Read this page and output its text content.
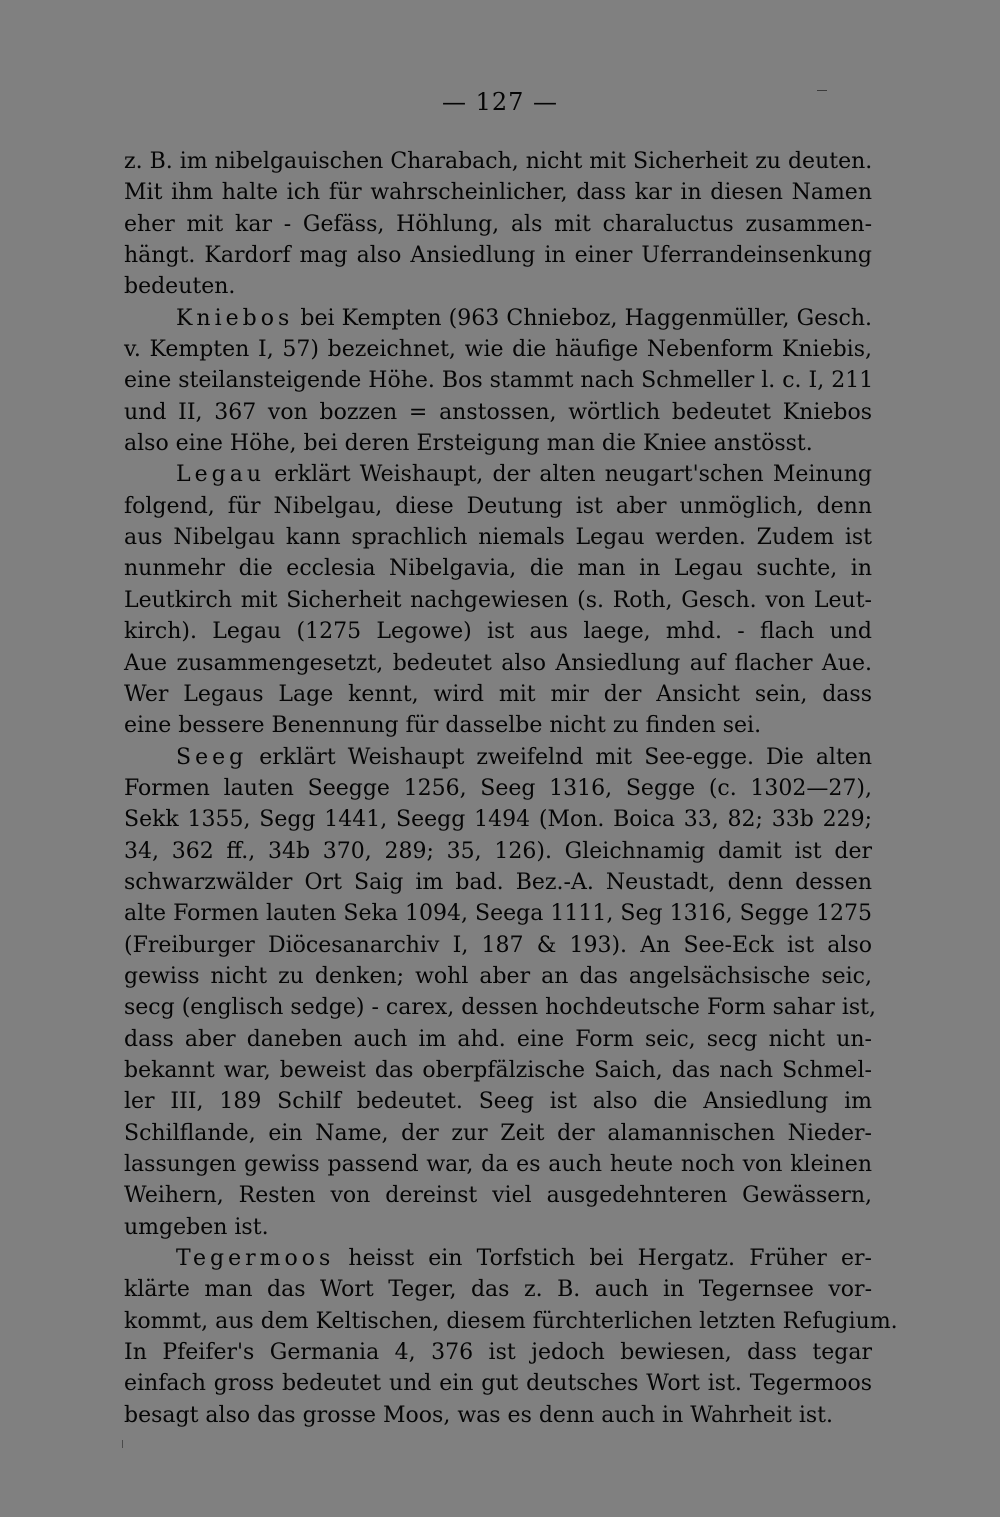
— 127 —
z. B. im nibelgauischen Charabach, nicht mit Sicherheit zu deuten.
Mit ihm halte ich für wahrscheinlicher, dass kar in diesen Namen
eher mit kar - Gefäss, Höhlung, als mit charaluctus zusammen-
hängt. Kardorf mag also Ansiedlung in einer Uferrandeinsenkung
bedeuten.
Kniebos bei Kempten (963 Chnieboz, Haggenmüller, Gesch.
v. Kempten I, 57) bezeichnet, wie die häufige Nebenform Kniebis,
eine steilansteigende Höhe. Bos stammt nach Schmeller l. c. I, 211
und II, 367 von bozzen = anstossen, wörtlich bedeutet Kniebos
also eine Höhe, bei deren Ersteigung man die Kniee anstösst.
Legau erklärt Weishaupt, der alten neugart'schen Meinung
folgend, für Nibelgau, diese Deutung ist aber unmöglich, denn
aus Nibelgau kann sprachlich niemals Legau werden. Zudem ist
nunmehr die ecclesia Nibelgavia, die man in Legau suchte, in
Leutkirch mit Sicherheit nachgewiesen (s. Roth, Gesch. von Leut-
kirch). Legau (1275 Legowe) ist aus laege, mhd. - flach und
Aue zusammengesetzt, bedeutet also Ansiedlung auf flacher Aue.
Wer Legaus Lage kennt, wird mit mir der Ansicht sein, dass
eine bessere Benennung für dasselbe nicht zu finden sei.
Seeg erklärt Weishaupt zweifelnd mit See-egge. Die alten
Formen lauten Seegge 1256, Seeg 1316, Segge (c. 1302—27),
Sekk 1355, Segg 1441, Seegg 1494 (Mon. Boica 33, 82; 33b 229;
34, 362 ff., 34b 370, 289; 35, 126). Gleichnamig damit ist der
schwarzwälder Ort Saig im bad. Bez.-A. Neustadt, denn dessen
alte Formen lauten Seka 1094, Seega 1111, Seg 1316, Segge 1275
(Freiburger Diöcesanarchiv I, 187 & 193). An See-Eck ist also
gewiss nicht zu denken; wohl aber an das angelsächsische seic,
secg (englisch sedge) - carex, dessen hochdeutsche Form sahar ist,
dass aber daneben auch im ahd. eine Form seic, secg nicht un-
bekannt war, beweist das oberpfälzische Saich, das nach Schmel-
ler III, 189 Schilf bedeutet. Seeg ist also die Ansiedlung im
Schilflande, ein Name, der zur Zeit der alamannischen Nieder-
lassungen gewiss passend war, da es auch heute noch von kleinen
Weihern, Resten von dereinst viel ausgedehnteren Gewässern,
umgeben ist.
Tegermoos heisst ein Torfstich bei Hergatz. Früher er-
klärte man das Wort Teger, das z. B. auch in Tegernsee vor-
kommt, aus dem Keltischen, diesem fürchterlichen letzten Refugium.
In Pfeifer's Germania 4, 376 ist jedoch bewiesen, dass tegar
einfach gross bedeutet und ein gut deutsches Wort ist. Tegermoos
besagt also das grosse Moos, was es denn auch in Wahrheit ist.
